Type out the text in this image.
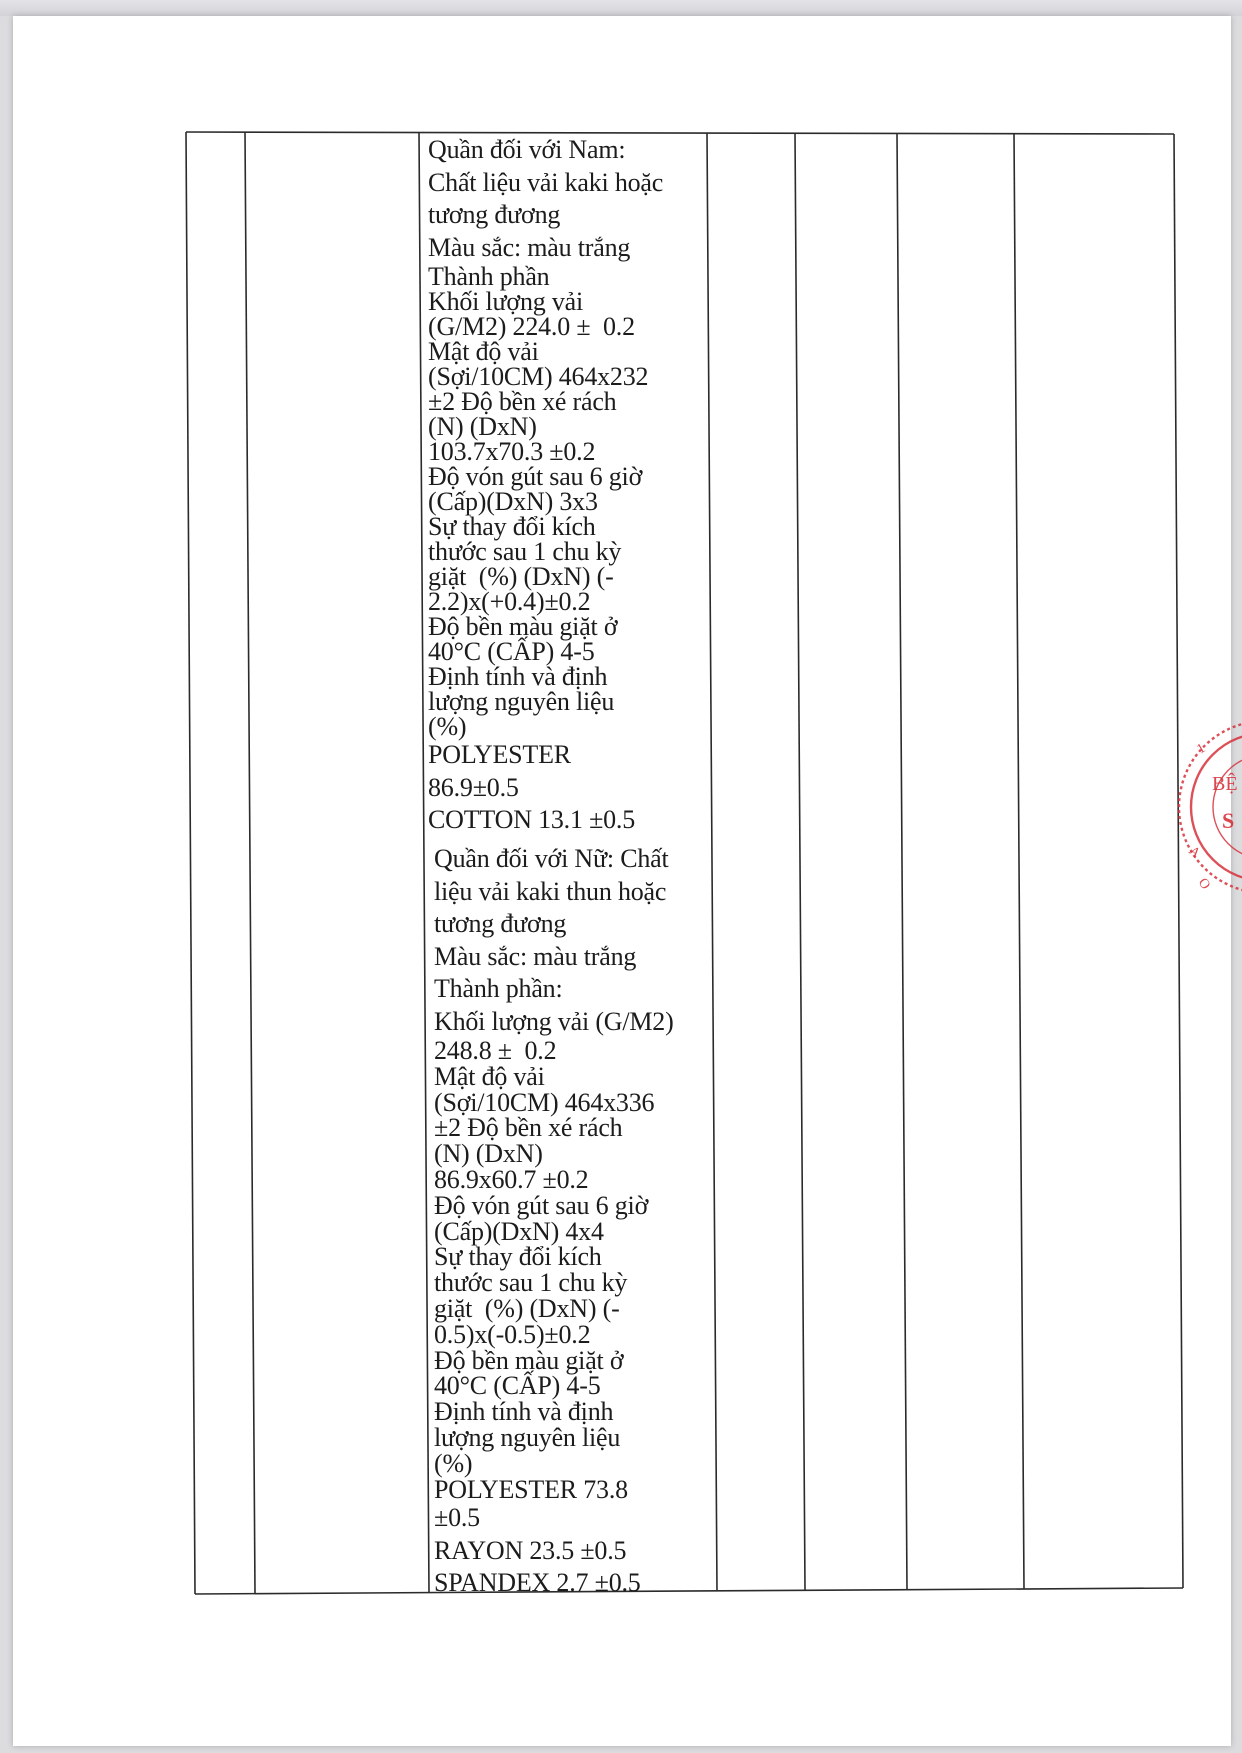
Quần đối với Nam:
Chất liệu vải kaki hoặc
tương đương
Màu sắc: màu trắng
Thành phần
Khối lượng vải
(G/M2) 224.0 ±  0.2
Mật độ vải
(Sợi/10CM) 464x232
±2 Độ bền xé rách
(N) (DxN)
103.7x70.3 ±0.2
Độ vón gút sau 6 giờ
(Cấp)(DxN) 3x3
Sự thay đổi kích
thước sau 1 chu kỳ
giặt  (%) (DxN) (-
2.2)x(+0.4)±0.2
Độ bền màu giặt ở
40°C (CẤP) 4-5
Định tính và định
lượng nguyên liệu
(%)
POLYESTER
86.9±0.5
COTTON 13.1 ±0.5
Quần đối với Nữ: Chất
liệu vải kaki thun hoặc
tương đương
Màu sắc: màu trắng
Thành phần:
Khối lượng vải (G/M2)
248.8 ±  0.2
Mật độ vải
(Sợi/10CM) 464x336
±2 Độ bền xé rách
(N) (DxN)
86.9x60.7 ±0.2
Độ vón gút sau 6 giờ
(Cấp)(DxN) 4x4
Sự thay đổi kích
thước sau 1 chu kỳ
giặt  (%) (DxN) (-
0.5)x(-0.5)±0.2
Độ bền màu giặt ở
40°C (CẤP) 4-5
Định tính và định
lượng nguyên liệu
(%)
POLYESTER 73.8
±0.5
RAYON 23.5 ±0.5
SPANDEX 2.7 ±0.5
BỆ
S
1
A
O
